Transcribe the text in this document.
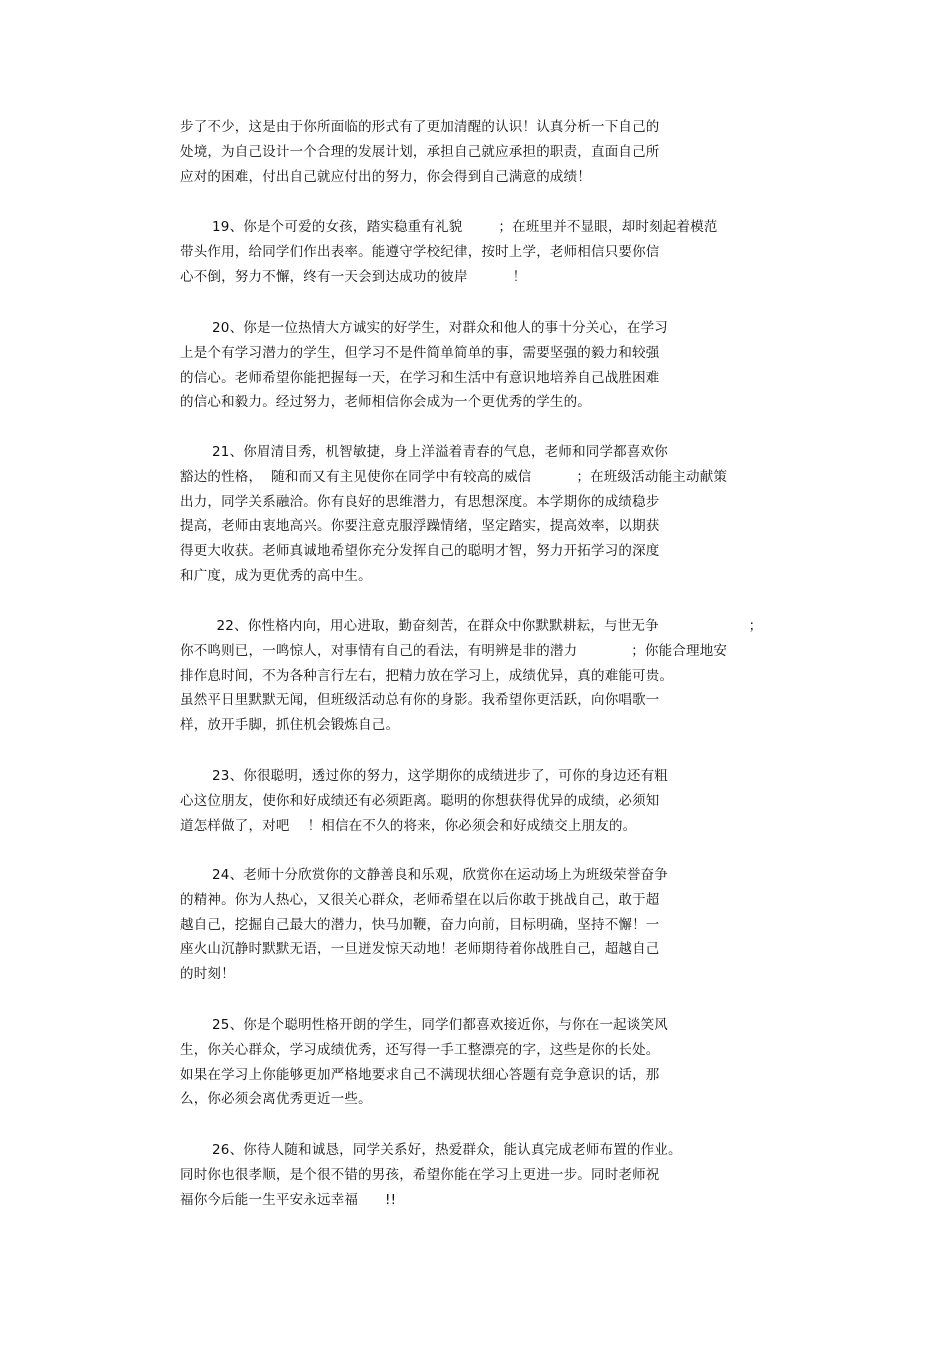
步了不少，这是由于你所面临的形式有了更加清醒的认识！认真分析一下自己的
处境，为自己设计一个合理的发展计划，承担自己就应承担的职责，直面自己所
应对的困难，付出自己就应付出的努力，你会得到自己满意的成绩！
19、你是个可爱的女孩，踏实稳重有礼貌        ；在班里并不显眼，却时刻起着模范
带头作用，给同学们作出表率。能遵守学校纪律，按时上学，老师相信只要你信
心不倒，努力不懈，终有一天会到达成功的彼岸          ！
20、你是一位热情大方诚实的好学生，对群众和他人的事十分关心，在学习
上是个有学习潜力的学生，但学习不是件简单简单的事，需要坚强的毅力和较强
的信心。老师希望你能把握每一天，在学习和生活中有意识地培养自己战胜困难
的信心和毅力。经过努力，老师相信你会成为一个更优秀的学生的。
21、你眉清目秀，机智敏捷，身上洋溢着青春的气息，老师和同学都喜欢你
豁达的性格，  随和而又有主见使你在同学中有较高的威信          ；在班级活动能主动献策
出力，同学关系融洽。你有良好的思维潜力，有思想深度。本学期你的成绩稳步
提高，老师由衷地高兴。你要注意克服浮躁情绪，坚定踏实，提高效率，以期获
得更大收获。老师真诚地希望你充分发挥自己的聪明才智，努力开拓学习的深度
和广度，成为更优秀的高中生。
22、你性格内向，用心进取，勤奋刻苦，在群众中你默默耕耘，与世无争                    ；
你不鸣则已，一鸣惊人，对事情有自己的看法，有明辨是非的潜力            ；你能合理地安
排作息时间，不为各种言行左右，把精力放在学习上，成绩优异，真的难能可贵。
虽然平日里默默无闻，但班级活动总有你的身影。我希望你更活跃，向你唱歌一
样，放开手脚，抓住机会锻炼自己。
23、你很聪明，透过你的努力，这学期你的成绩进步了，可你的身边还有粗
心这位朋友，使你和好成绩还有必须距离。聪明的你想获得优异的成绩，必须知
道怎样做了，对吧    ！相信在不久的将来，你必须会和好成绩交上朋友的。
24、老师十分欣赏你的文静善良和乐观，欣赏你在运动场上为班级荣誉奋争
的精神。你为人热心，又很关心群众，老师希望在以后你敢于挑战自己，敢于超
越自己，挖掘自己最大的潜力，快马加鞭，奋力向前，目标明确，坚持不懈！一
座火山沉静时默默无语，一旦迸发惊天动地！老师期待着你战胜自己，超越自己
的时刻！
25、你是个聪明性格开朗的学生，同学们都喜欢接近你，与你在一起谈笑风
生，你关心群众，学习成绩优秀，还写得一手工整漂亮的字，这些是你的长处。
如果在学习上你能够更加严格地要求自己不满现状细心答题有竞争意识的话，那
么，你必须会离优秀更近一些。
26、你待人随和诚恳，同学关系好，热爱群众，能认真完成老师布置的作业。
同时你也很孝顺，是个很不错的男孩，希望你能在学习上更进一步。同时老师祝
福你今后能一生平安永远幸福      !!
